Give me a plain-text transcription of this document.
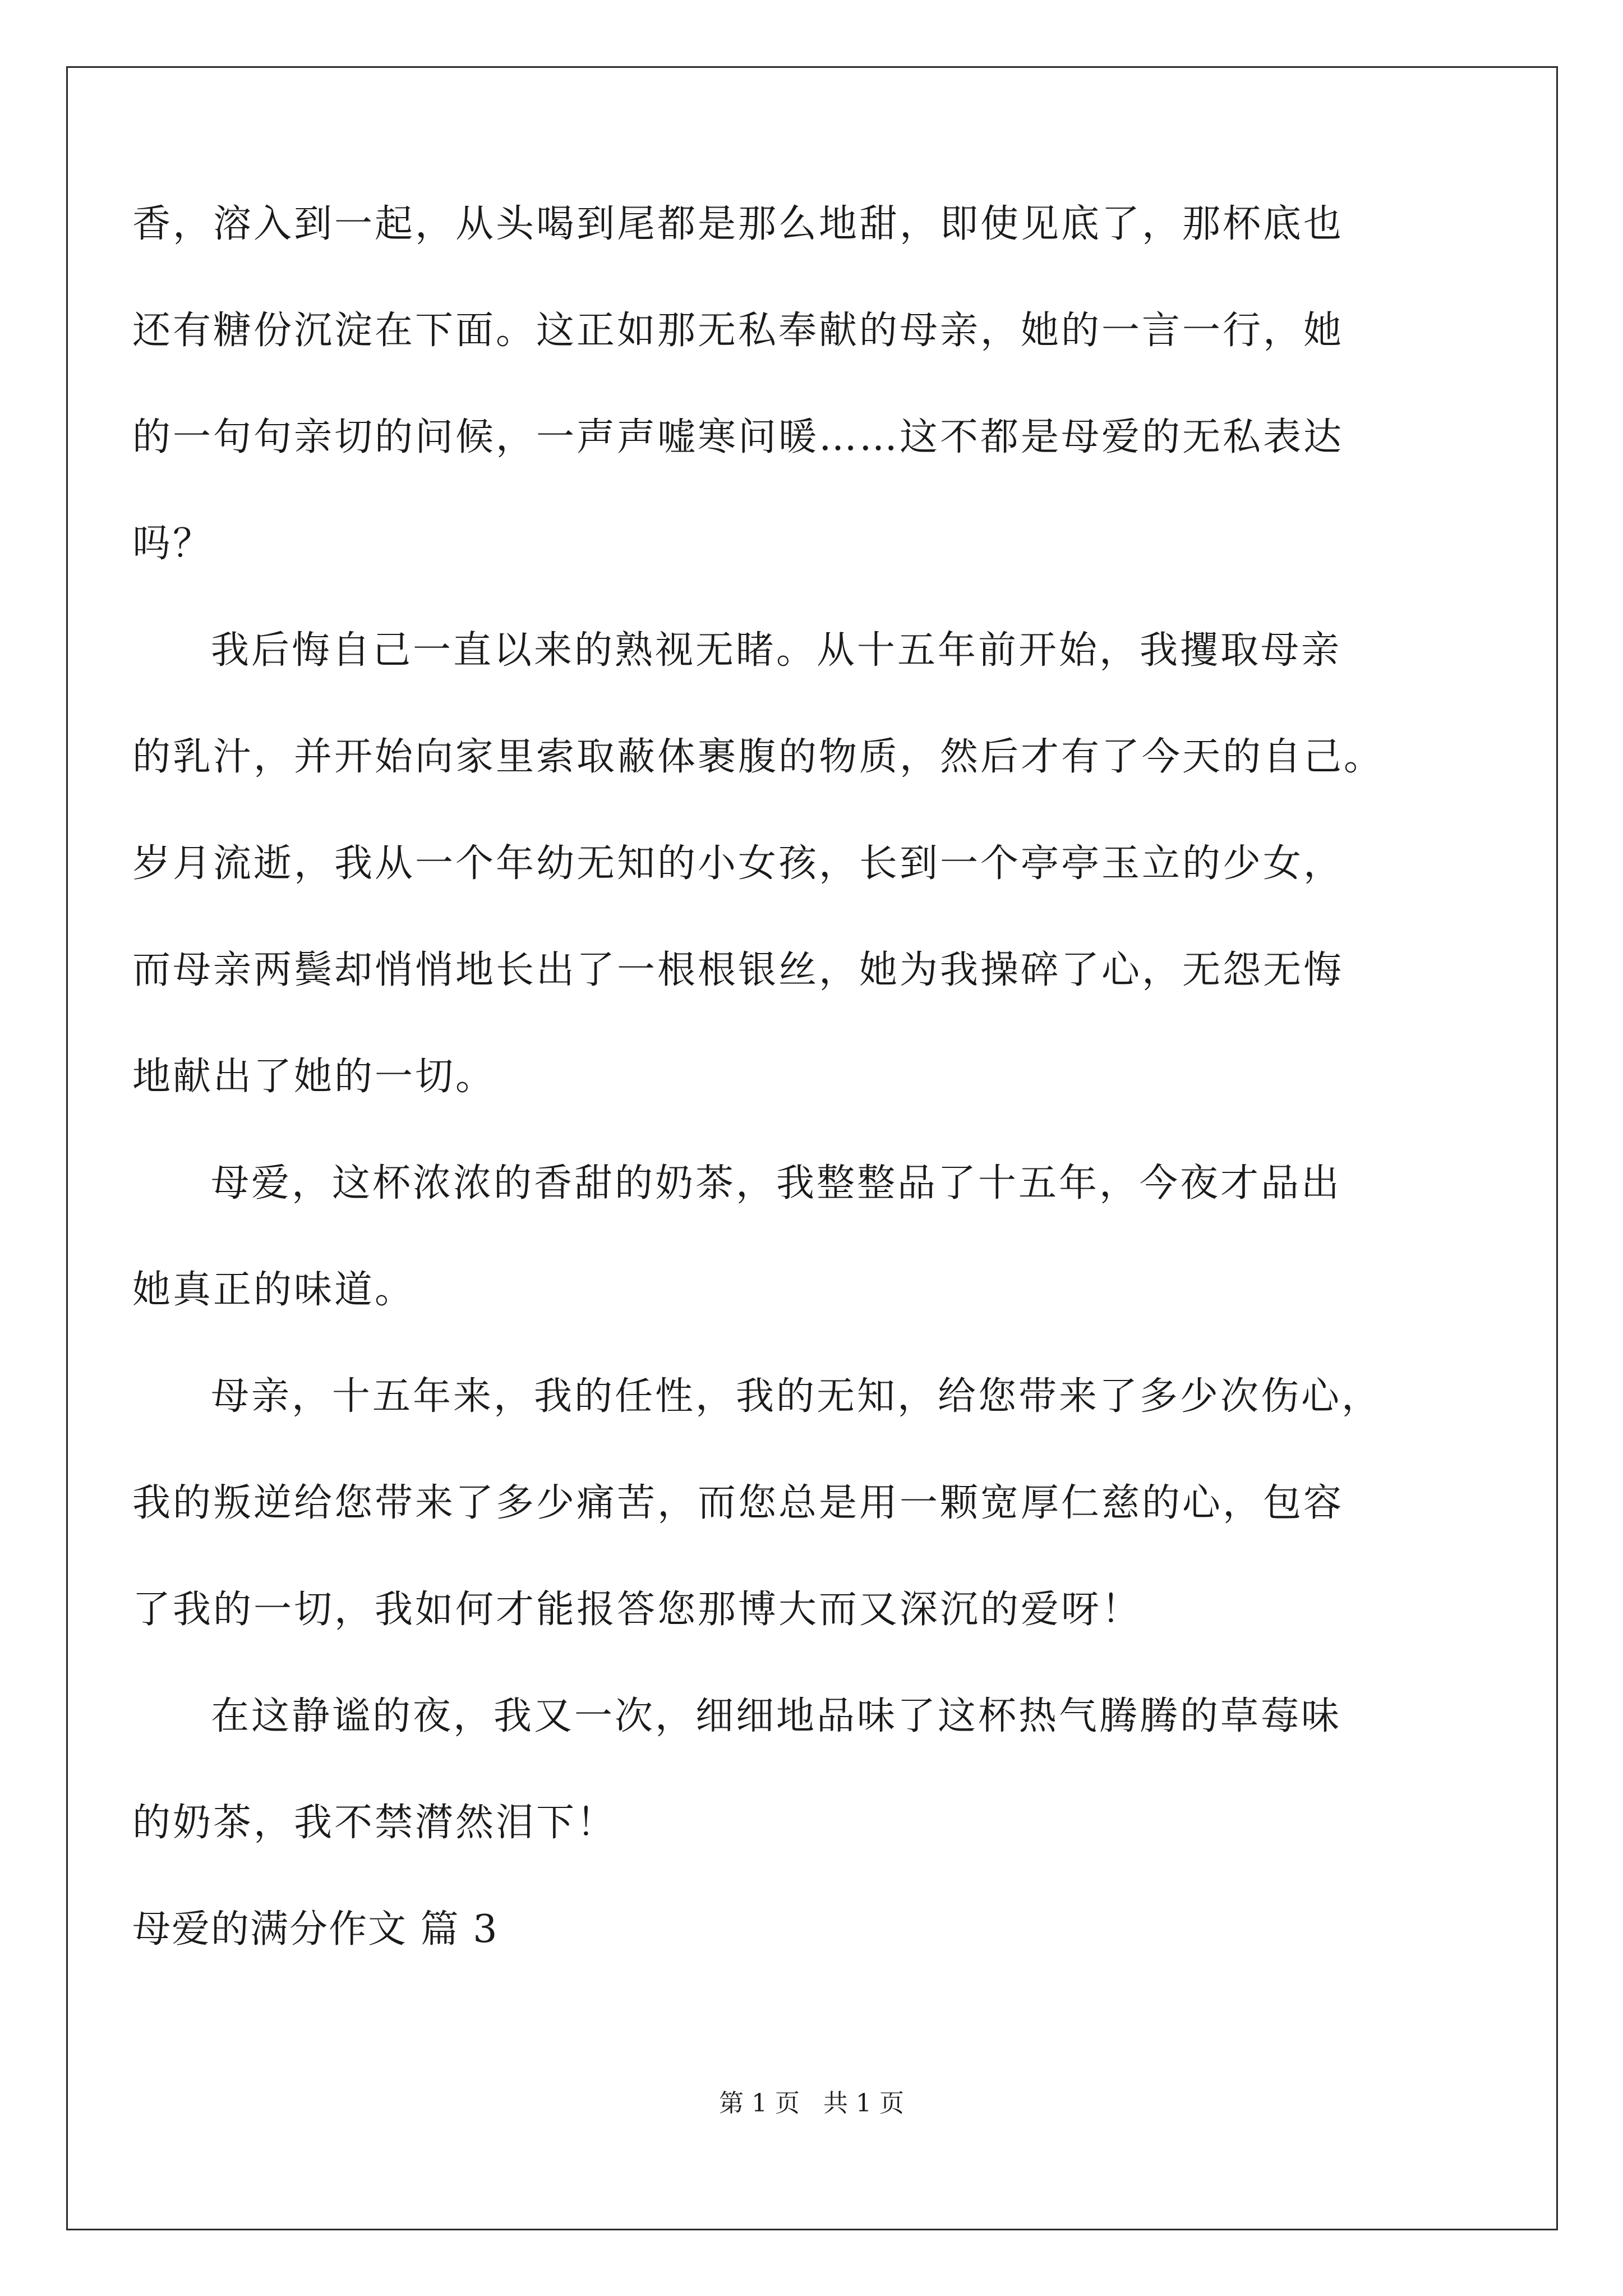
香，溶入到一起，从头喝到尾都是那么地甜，即使见底了，那杯底也
还有糖份沉淀在下面。这正如那无私奉献的母亲，她的一言一行，她
的一句句亲切的问候，一声声嘘寒问暖……这不都是母爱的无私表达
吗？
我后悔自己一直以来的熟视无睹。从十五年前开始，我攫取母亲
的乳汁，并开始向家里索取蔽体裹腹的物质，然后才有了今天的自己。
岁月流逝，我从一个年幼无知的小女孩，长到一个亭亭玉立的少女，
而母亲两鬓却悄悄地长出了一根根银丝，她为我操碎了心，无怨无悔
地献出了她的一切。
母爱，这杯浓浓的香甜的奶茶，我整整品了十五年，今夜才品出
她真正的味道。
母亲，十五年来，我的任性，我的无知，给您带来了多少次伤心，
我的叛逆给您带来了多少痛苦，而您总是用一颗宽厚仁慈的心，包容
了我的一切，我如何才能报答您那博大而又深沉的爱呀！
在这静谧的夜，我又一次，细细地品味了这杯热气腾腾的草莓味
的奶茶，我不禁潸然泪下！
母爱的满分作文 篇 3
第 1 页   共 1 页
